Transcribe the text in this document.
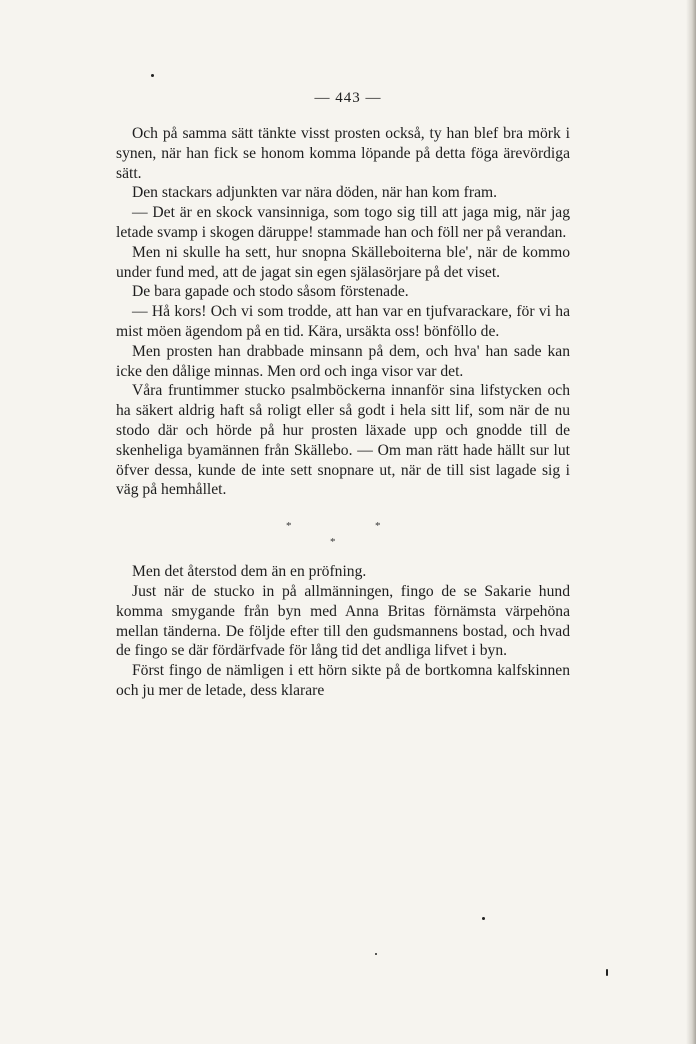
— 443 —

Och på samma sätt tänkte visst prosten också, ty han blef bra mörk i synen, när han fick se honom komma löpande på detta föga ärevördiga sätt.

Den stackars adjunkten var nära döden, när han kom fram.

— Det är en skock vansinniga, som togo sig till att jaga mig, när jag letade svamp i skogen däruppe! stammade han och föll ner på verandan.

Men ni skulle ha sett, hur snopna Skälleboiterna ble', när de kommo under fund med, att de jagat sin egen själasörjare på det viset.

De bara gapade och stodo såsom förstenade.

— Hå kors! Och vi som trodde, att han var en tjufvarackare, för vi ha mist möen ägendom på en tid. Kära, ursäkta oss! bönföllo de.

Men prosten han drabbade minsann på dem, och hva' han sade kan icke den dålige minnas. Men ord och inga visor var det.

Våra fruntimmer stucko psalmböckerna innanför sina lifstycken och ha säkert aldrig haft så roligt eller så godt i hela sitt lif, som när de nu stodo där och hörde på hur prosten läxade upp och gnodde till de skenheliga byamännen från Skällebo. — Om man rätt hade hällt sur lut öfver dessa, kunde de inte sett snopnare ut, när de till sist lagade sig i väg på hemhållet.

*	*
*

Men det återstod dem än en pröfning.

Just när de stucko in på allmänningen, fingo de se Sakarie hund komma smygande från byn med Anna Britas förnämsta värpehöna mellan tänderna. De följde efter till den gudsmannens bostad, och hvad de fingo se där fördärfvade för lång tid det andliga lifvet i byn.

Först fingo de nämligen i ett hörn sikte på de bortkomna kalfskinnen och ju mer de letade, dess klarare
